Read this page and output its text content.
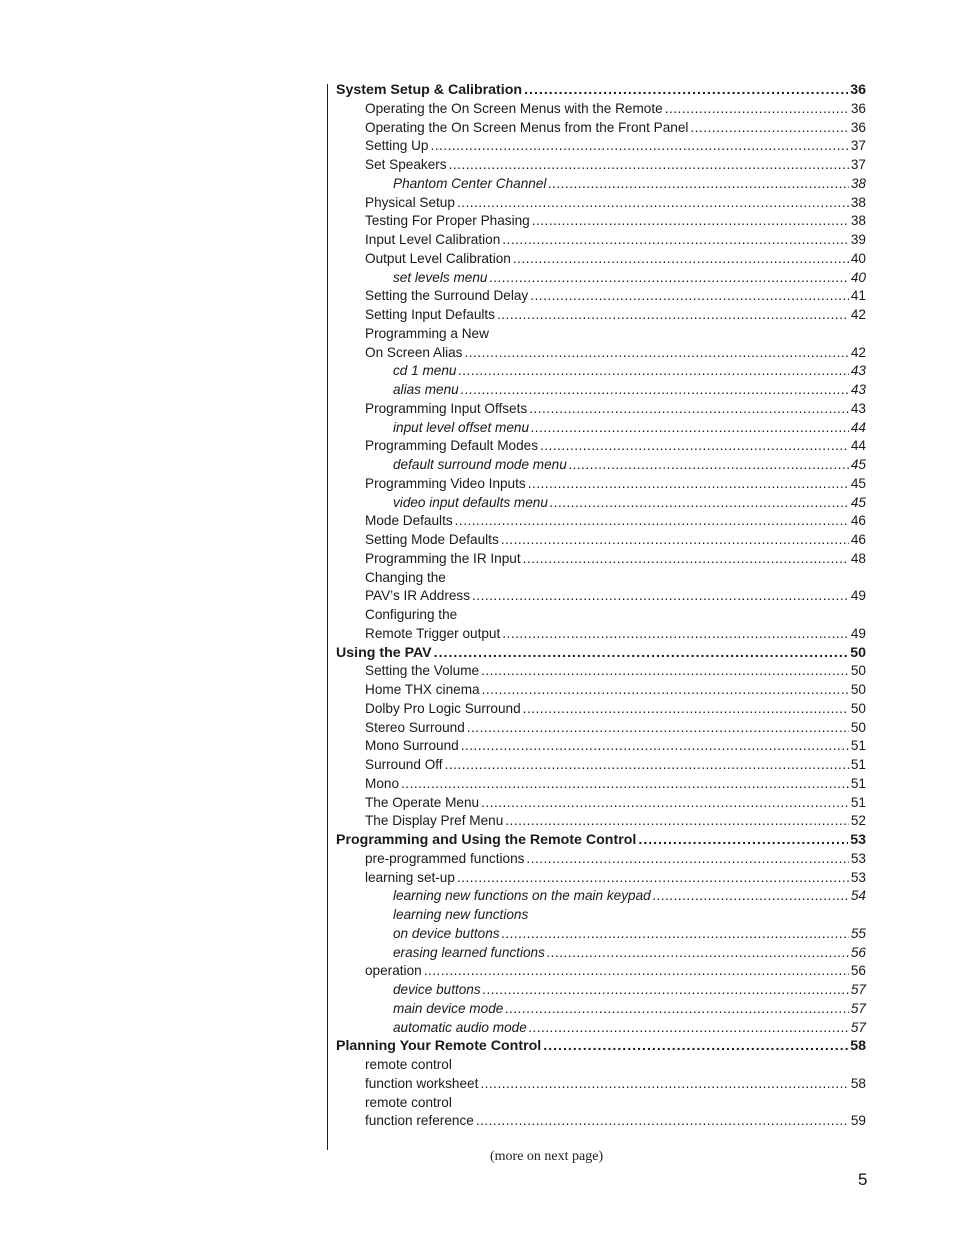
System Setup & Calibration .....	36
Operating the On Screen Menus with the Remote .....	36
Operating the On Screen Menus from the Front Panel .....	36
Setting Up .....	37
Set Speakers .....	37
Phantom Center Channel .....	38
Physical Setup .....	38
Testing For Proper Phasing .....	38
Input Level Calibration .....	39
Output Level Calibration .....	40
set levels menu .....	40
Setting the Surround Delay .....	41
Setting Input Defaults .....	42
Programming a New
On Screen Alias .....	42
cd 1 menu .....	43
alias menu .....	43
Programming Input Offsets .....	43
input level offset menu .....	44
Programming Default Modes .....	44
default surround mode menu .....	45
Programming Video Inputs .....	45
video input defaults menu .....	45
Mode Defaults .....	46
Setting Mode Defaults .....	46
Programming the IR Input .....	48
Changing the
PAV’s IR Address .....	49
Configuring the
Remote Trigger output .....	49
Using the PAV .....	50
Setting the Volume .....	50
Home THX cinema .....	50
Dolby Pro Logic Surround .....	50
Stereo Surround .....	50
Mono Surround .....	51
Surround Off .....	51
Mono .....	51
The Operate Menu .....	51
The Display Pref Menu .....	52
Programming and Using the Remote Control .....	53
pre-programmed functions .....	53
learning set-up .....	53
learning new functions on the main keypad .....	54
learning new functions
on device buttons .....	55
erasing learned functions .....	56
operation .....	56
device buttons .....	57
main device mode .....	57
automatic audio mode .....	57
Planning Your Remote Control .....	58
remote control
function worksheet .....	58
remote control
function reference .....	59
(more on next page)
5
